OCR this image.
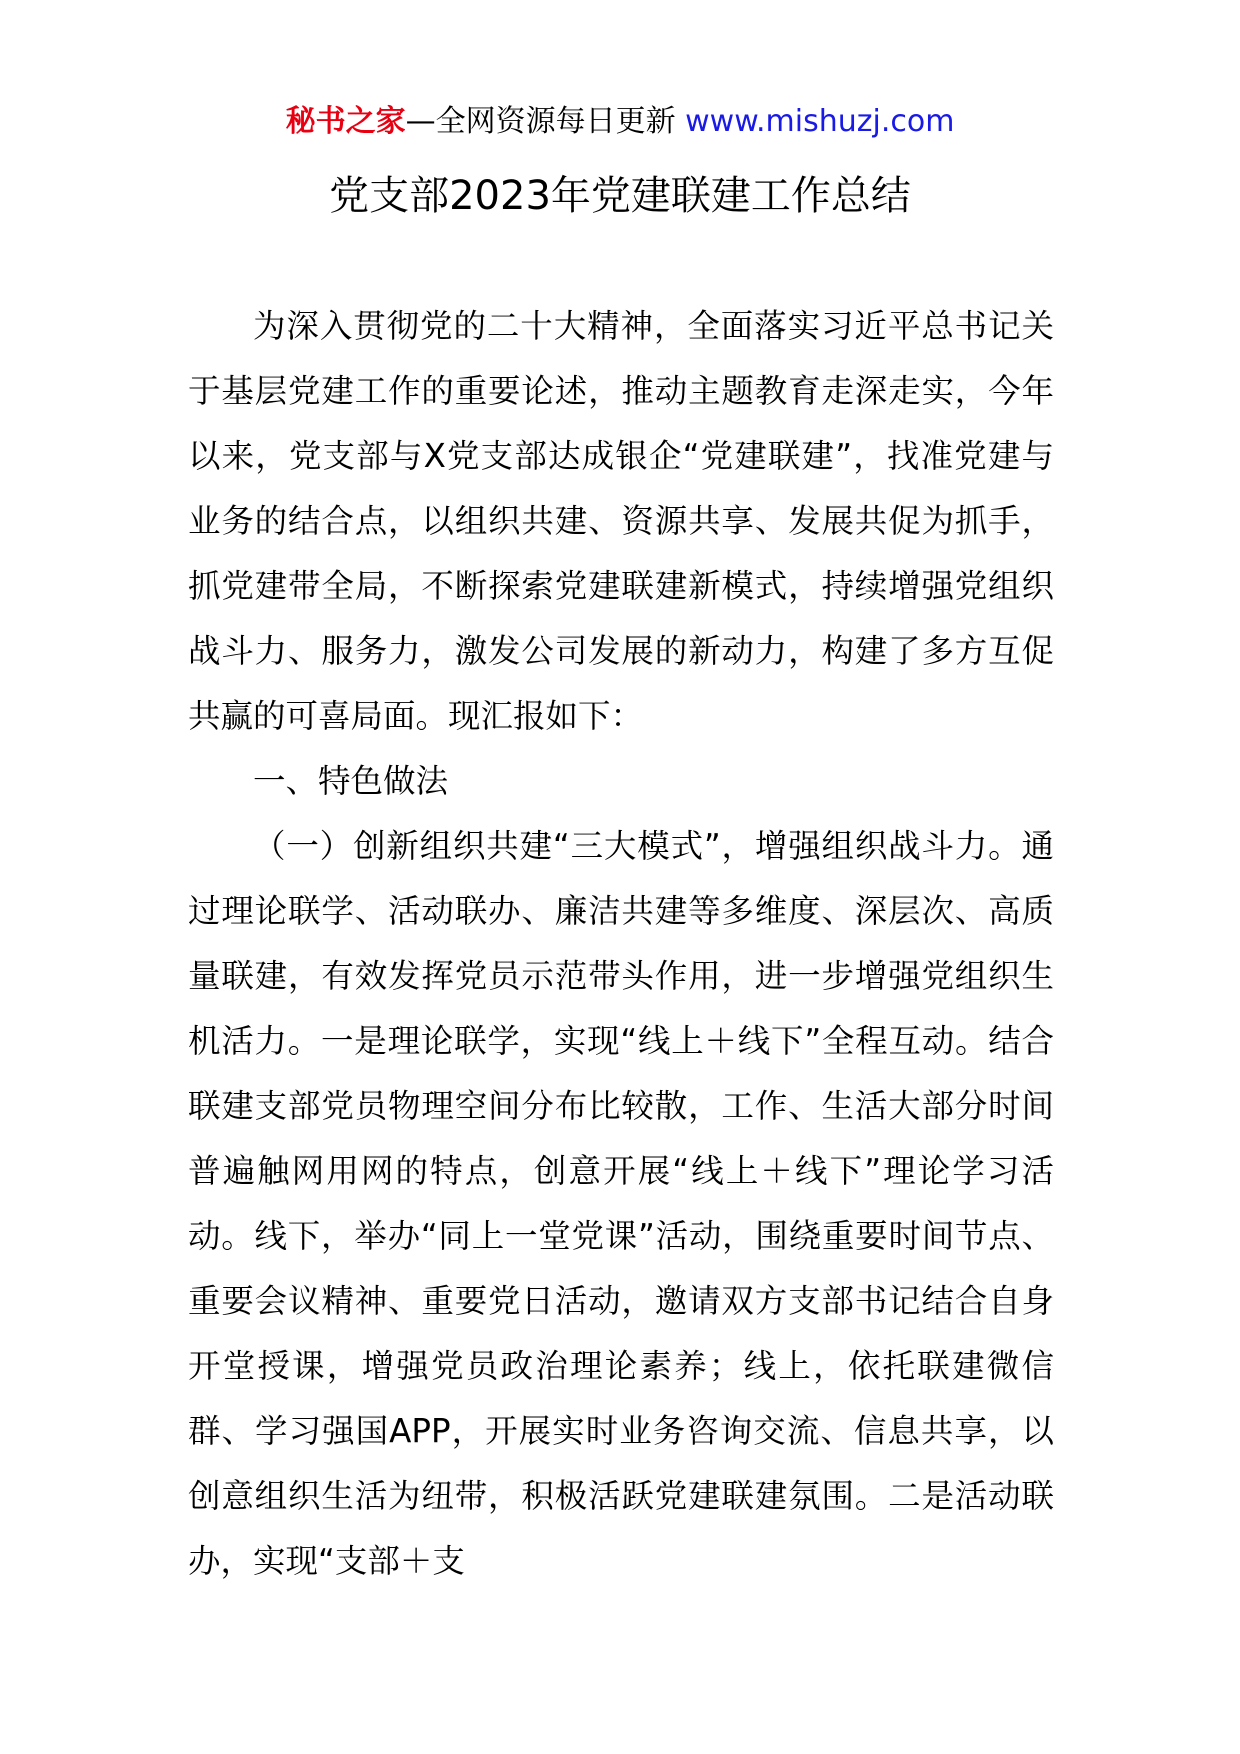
秘书之家—全网资源每日更新 www.mishuzj.com
党支部2023年党建联建工作总结

为深入贯彻党的二十大精神，全面落实习近平总书记关于基层党建工作的重要论述，推动主题教育走深走实，今年以来，党支部与X党支部达成银企“党建联建”，找准党建与业务的结合点，以组织共建、资源共享、发展共促为抓手，抓党建带全局，不断探索党建联建新模式，持续增强党组织战斗力、服务力，激发公司发展的新动力，构建了多方互促共赢的可喜局面。现汇报如下：

一、特色做法

（一）创新组织共建“三大模式”，增强组织战斗力。通过理论联学、活动联办、廉洁共建等多维度、深层次、高质量联建，有效发挥党员示范带头作用，进一步增强党组织生机活力。一是理论联学，实现“线上＋线下”全程互动。结合联建支部党员物理空间分布比较散，工作、生活大部分时间普遍触网用网的特点，创意开展“线上＋线下”理论学习活动。线下，举办“同上一堂党课”活动，围绕重要时间节点、重要会议精神、重要党日活动，邀请双方支部书记结合自身开堂授课，增强党员政治理论素养；线上，依托联建微信群、学习强国APP，开展实时业务咨询交流、信息共享，以创意组织生活为纽带，积极活跃党建联建氛围。二是活动联办，实现“支部＋支
